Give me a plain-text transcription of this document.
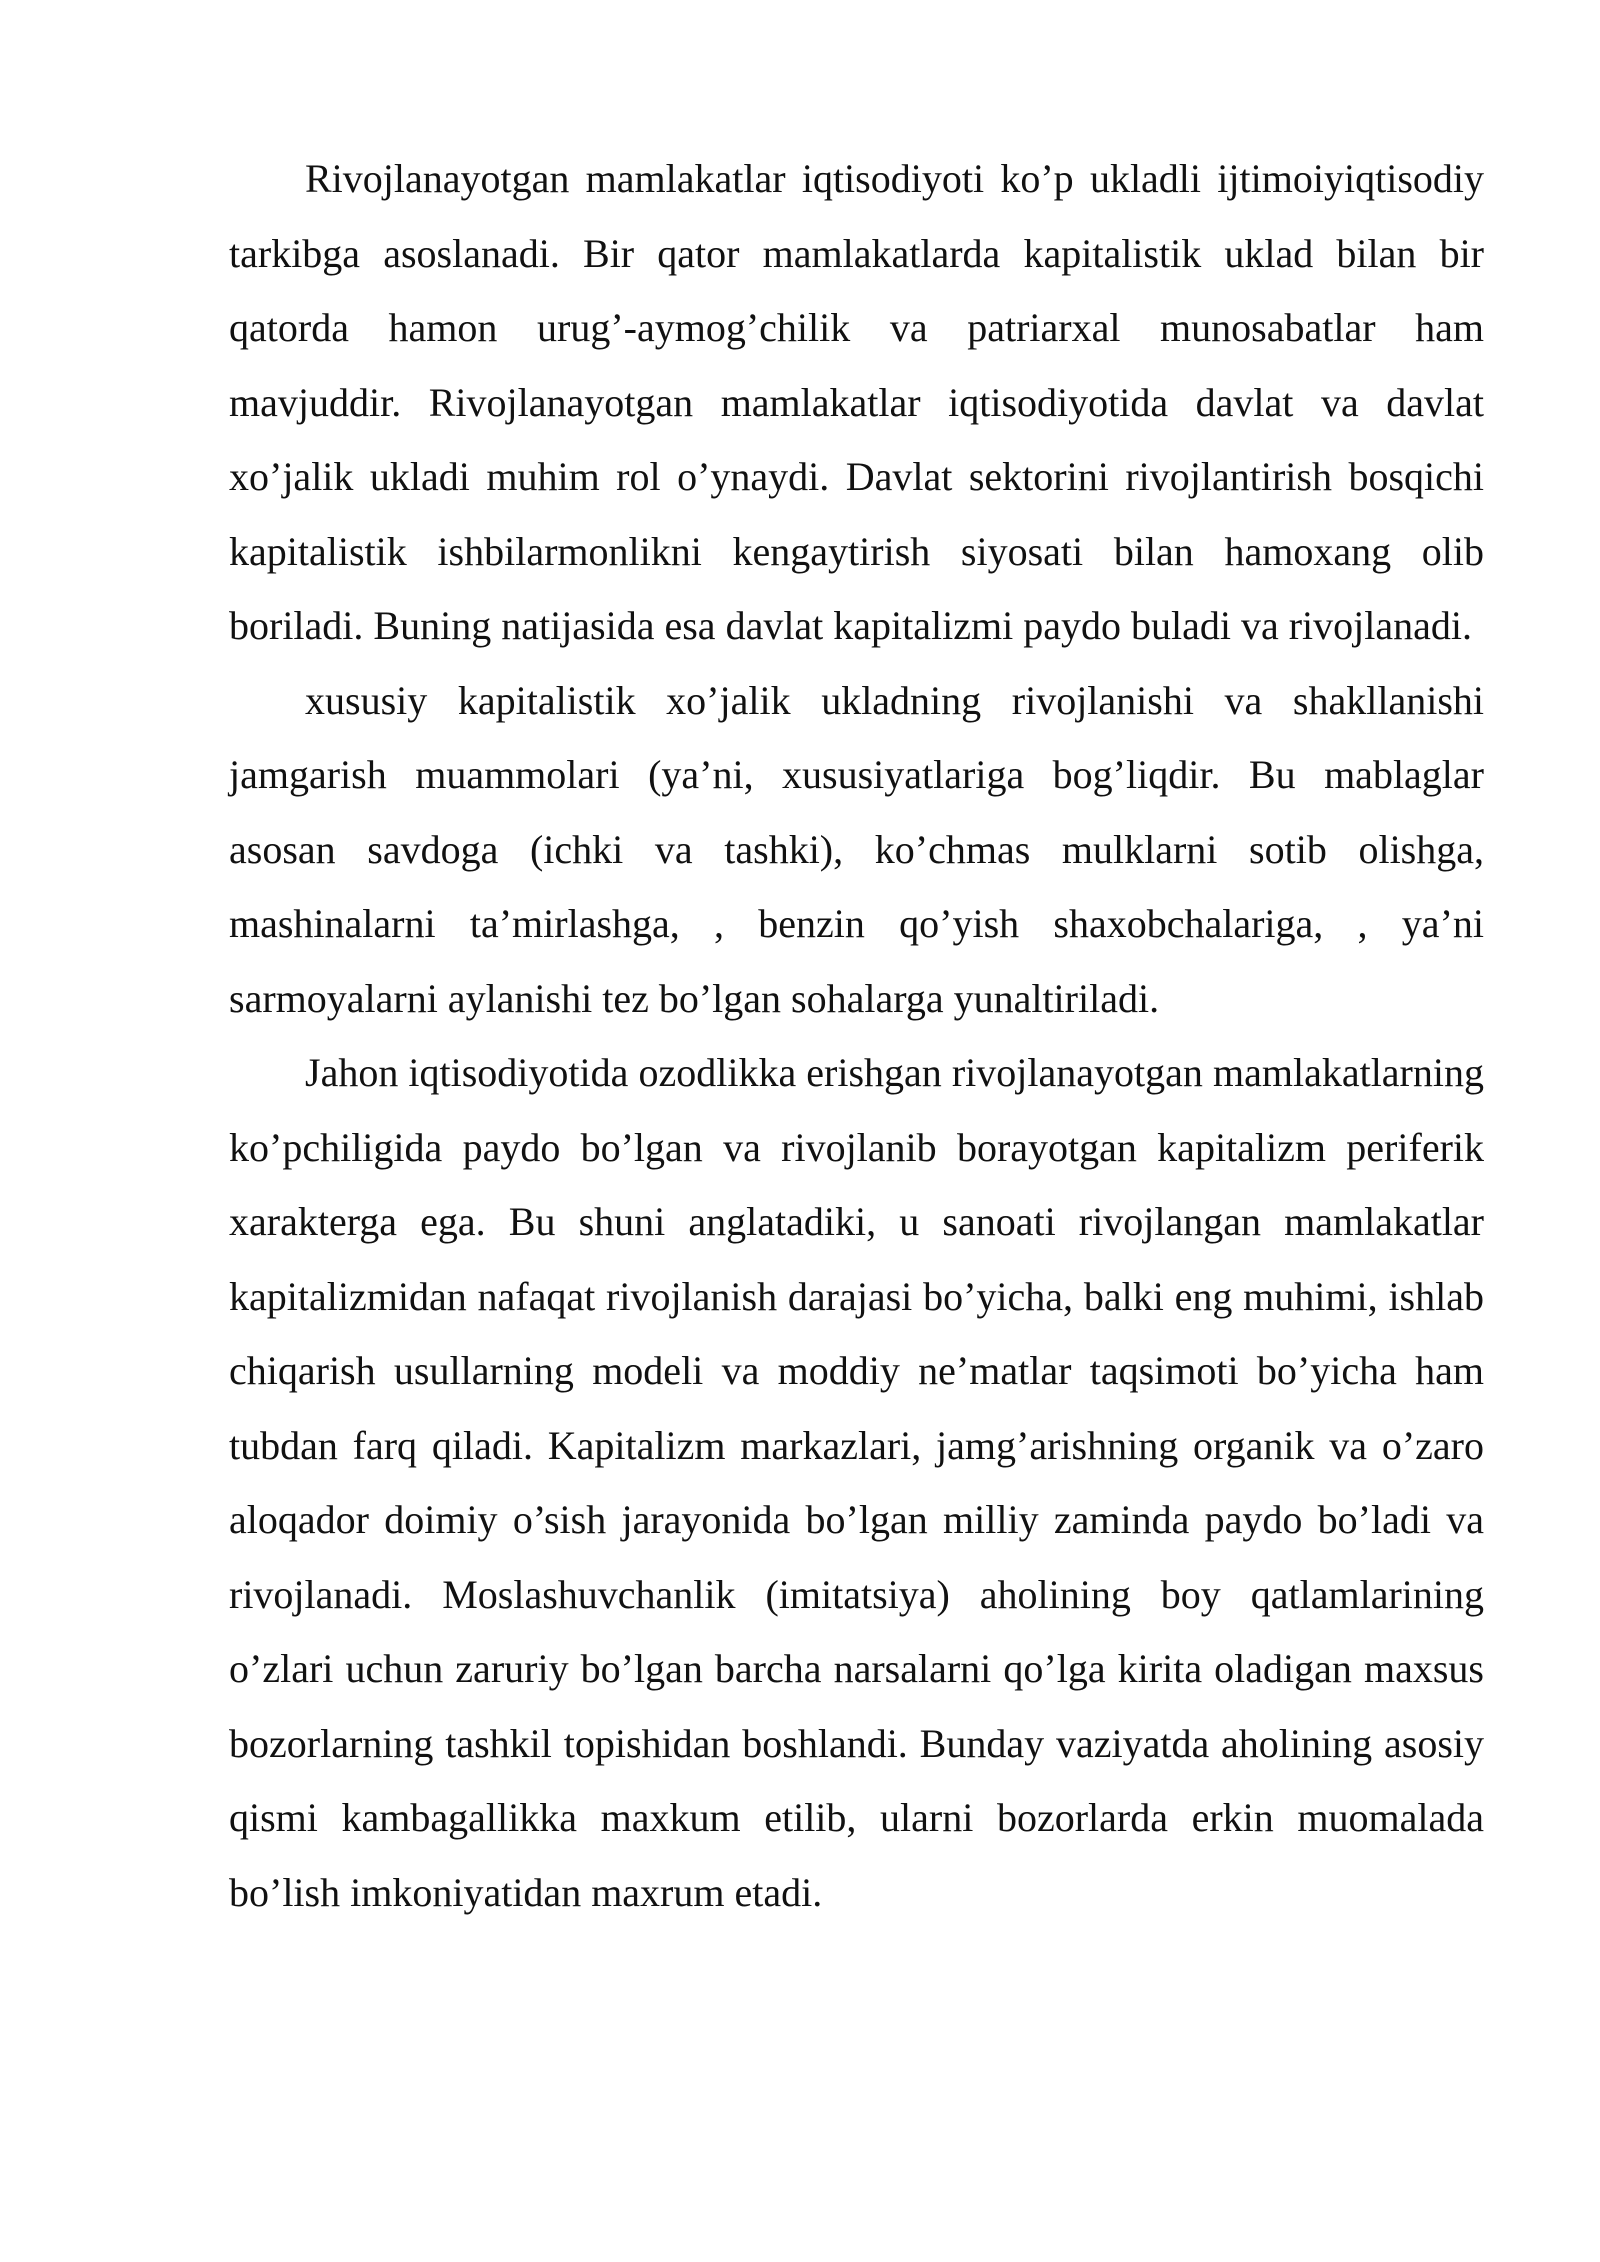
Rivojlanayotgan mamlakatlar iqtisodiyoti ko’p ukladli ijtimoiyiqtisodiy tarkibga asoslanadi. Bir qator mamlakatlarda kapitalistik uklad bilan bir qatorda hamon urug’-aymog’chilik va patriarxal munosabatlar ham mavjuddir. Rivojlanayotgan mamlakatlar iqtisodiyotida davlat va davlat xo’jalik ukladi muhim rol o’ynaydi. Davlat sektorini rivojlantirish bosqichi kapitalistik ishbilarmonlikni kengaytirish siyosati bilan hamoxang olib boriladi. Buning natijasida esa davlat kapitalizmi paydo buladi va rivojlanadi.

xususiy kapitalistik xo’jalik ukladning rivojlanishi va shakllanishi jamgarish muammolari (ya’ni, xususiyatlariga bog’liqdir. Bu mablaglar asosan savdoga (ichki va tashki), ko’chmas mulklarni sotib olishga, mashinalarni ta’mirlashga, , benzin qo’yish shaxobchalariga, , ya’ni sarmoyalarni aylanishi tez bo’lgan sohalarga yunaltiriladi.

Jahon iqtisodiyotida ozodlikka erishgan rivojlanayotgan mamlakatlarning ko’pchiligida paydo bo’lgan va rivojlanib borayotgan kapitalizm periferik xarakterga ega. Bu shuni anglatadiki, u sanoati rivojlangan mamlakatlar kapitalizmidan nafaqat rivojlanish darajasi bo’yicha, balki eng muhimi, ishlab chiqarish usullarning modeli va moddiy ne’matlar taqsimoti bo’yicha ham tubdan farq qiladi. Kapitalizm markazlari, jamg’arishning organik va o’zaro aloqador doimiy o’sish jarayonida bo’lgan milliy zaminda paydo bo’ladi va rivojlanadi. Moslashuvchanlik (imitatsiya) aholining boy qatlamlarining o’zlari uchun zaruriy bo’lgan barcha narsalarni qo’lga kirita oladigan maxsus bozorlarning tashkil topishidan boshlandi. Bunday vaziyatda aholining asosiy qismi kambagallikka maxkum etilib, ularni bozorlarda erkin muomalada bo’lish imkoniyatidan maxrum etadi.
